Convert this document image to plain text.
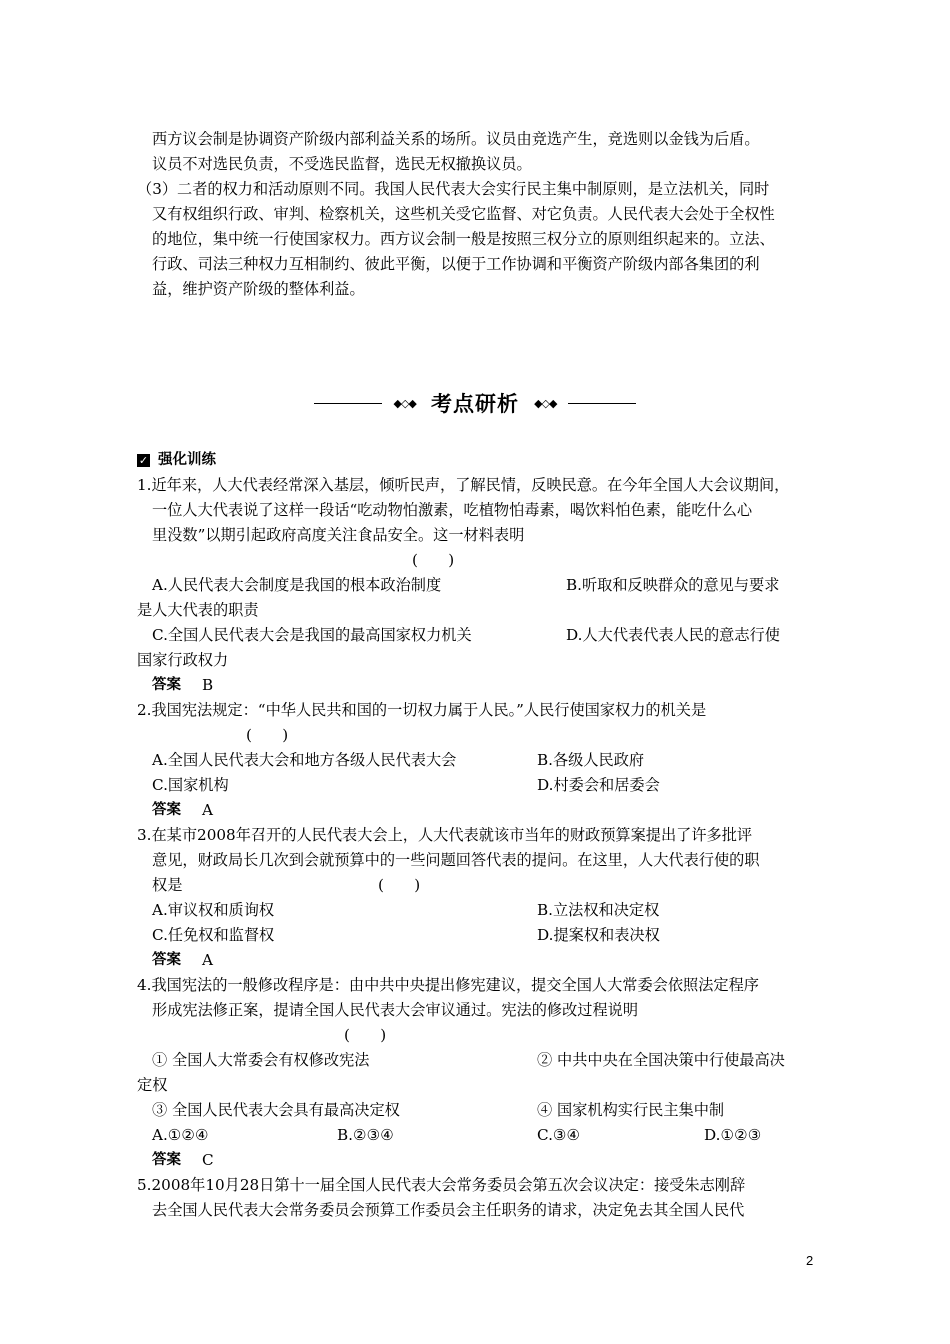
西方议会制是协调资产阶级内部利益关系的场所。议员由竞选产生，竞选则以金钱为后盾。
议员不对选民负责，不受选民监督，选民无权撤换议员。
（3）二者的权力和活动原则不同。我国人民代表大会实行民主集中制原则，是立法机关，同时
又有权组织行政、审判、检察机关，这些机关受它监督、对它负责。人民代表大会处于全权性
的地位，集中统一行使国家权力。西方议会制一般是按照三权分立的原则组织起来的。立法、
行政、司法三种权力互相制约、彼此平衡，以便于工作协调和平衡资产阶级内部各集团的利
益，维护资产阶级的整体利益。
◆◇◆ 考点研析 ◆◇◆
✓ 强化训练
1.近年来，人大代表经常深入基层，倾听民声，了解民情，反映民意。在今年全国人大会议期间，
一位人大代表说了这样一段话“吃动物怕激素，吃植物怕毒素，喝饮料怕色素，能吃什么心
里没数”以期引起政府高度关注食品安全。这一材料表明
(　　)
A.人民代表大会制度是我国的根本政治制度	B.听取和反映群众的意见与要求
是人大代表的职责
C.全国人民代表大会是我国的最高国家权力机关	D.人大代表代表人民的意志行使
国家行政权力
答案 B
2.我国宪法规定：“中华人民共和国的一切权力属于人民。”人民行使国家权力的机关是
(　　)
A.全国人民代表大会和地方各级人民代表大会	B.各级人民政府
C.国家机构	D.村委会和居委会
答案 A
3.在某市2008年召开的人民代表大会上，人大代表就该市当年的财政预算案提出了许多批评
意见，财政局长几次到会就预算中的一些问题回答代表的提问。在这里，人大代表行使的职
权是	(　　)
A.审议权和质询权	B.立法权和决定权
C.任免权和监督权	D.提案权和表决权
答案 A
4.我国宪法的一般修改程序是：由中共中央提出修宪建议，提交全国人大常委会依照法定程序
形成宪法修正案，提请全国人民代表大会审议通过。宪法的修改过程说明
(　　)
① 全国人大常委会有权修改宪法	② 中共中央在全国决策中行使最高决
定权
③ 全国人民代表大会具有最高决定权	④ 国家机构实行民主集中制
A.①②④	B.②③④	C.③④	D.①②③
答案 C
5.2008年10月28日第十一届全国人民代表大会常务委员会第五次会议决定：接受朱志刚辞
去全国人民代表大会常务委员会预算工作委员会主任职务的请求，决定免去其全国人民代
2
